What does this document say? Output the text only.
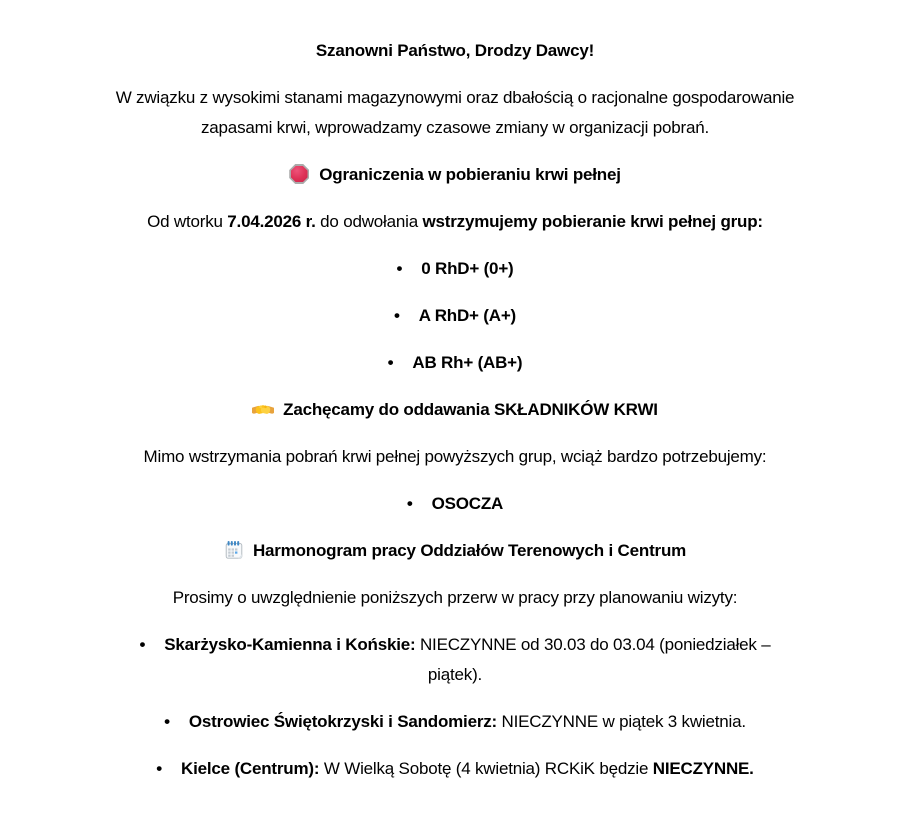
Szanowni Państwo, Drodzy Dawcy!

W związku z wysokimi stanami magazynowymi oraz dbałością o racjonalne gospodarowanie
zapasami krwi, wprowadzamy czasowe zmiany w organizacji pobrań.

Ograniczenia w pobieraniu krwi pełnej

Od wtorku 7.04.2026 r. do odwołania wstrzymujemy pobieranie krwi pełnej grup:

• 0 RhD+ (0+)

• A RhD+ (A+)

• AB Rh+ (AB+)

Zachęcamy do oddawania SKŁADNIKÓW KRWI

Mimo wstrzymania pobrań krwi pełnej powyższych grup, wciąż bardzo potrzebujemy:

• OSOCZA

Harmonogram pracy Oddziałów Terenowych i Centrum

Prosimy o uwzględnienie poniższych przerw w pracy przy planowaniu wizyty:

• Skarżysko-Kamienna i Końskie: NIECZYNNE od 30.03 do 03.04 (poniedziałek –
piątek).

• Ostrowiec Świętokrzyski i Sandomierz: NIECZYNNE w piątek 3 kwietnia.

• Kielce (Centrum): W Wielką Sobotę (4 kwietnia) RCKiK będzie NIECZYNNE.
